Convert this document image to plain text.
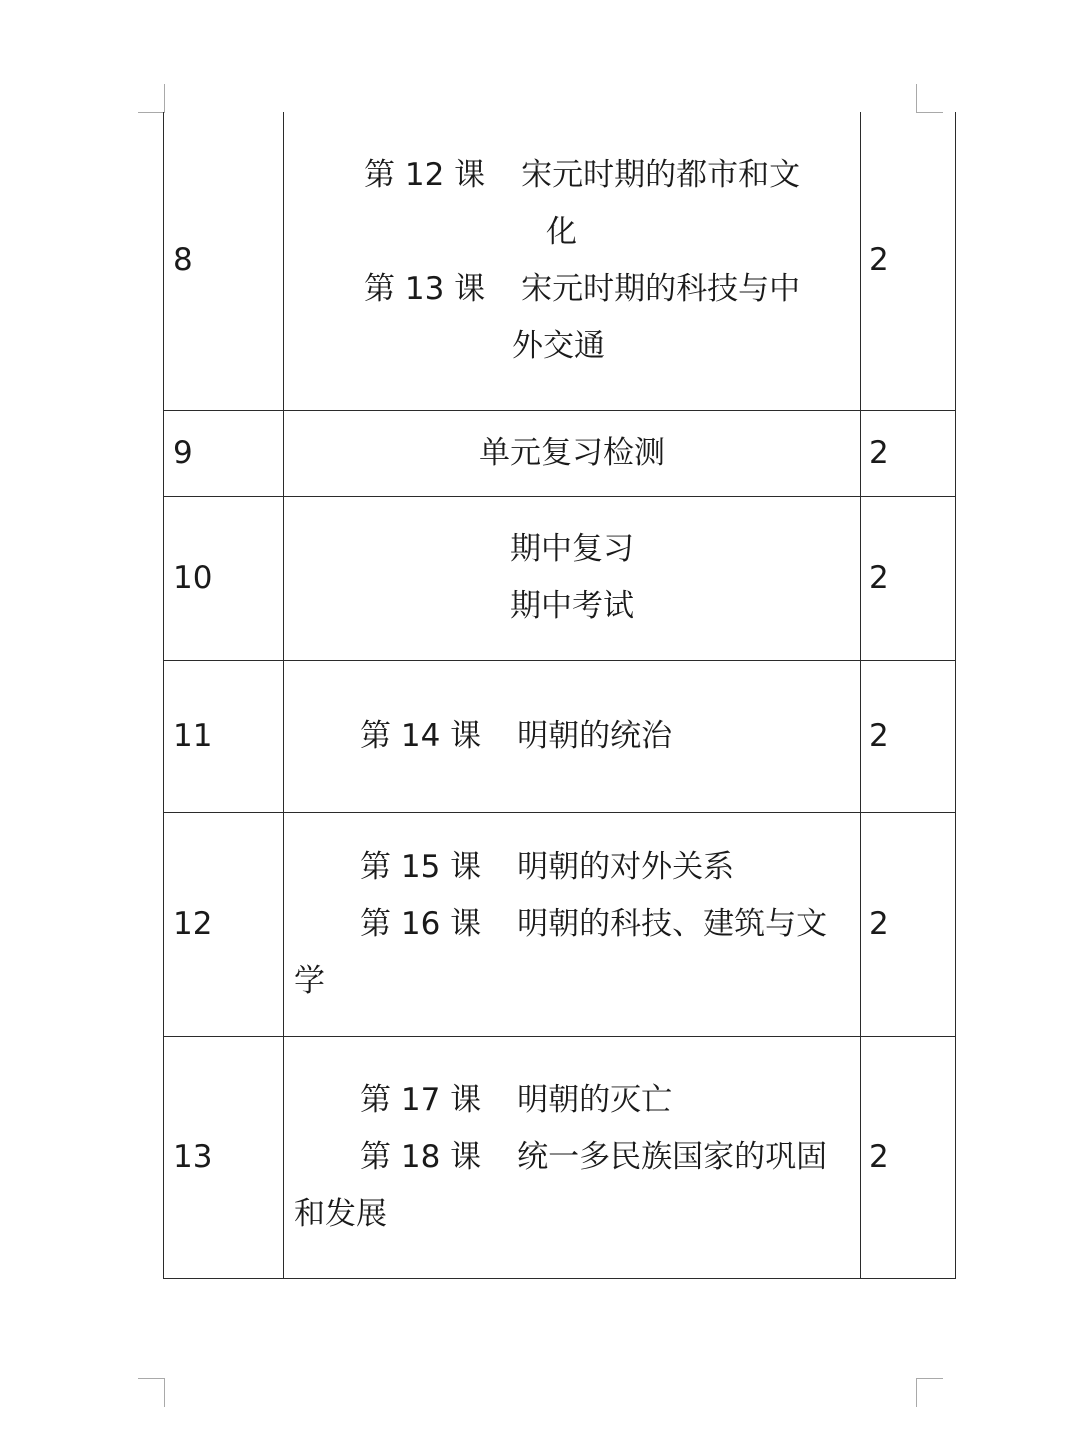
8	第 12 课 宋元时期的都市和文
化
第 13 课 宋元时期的科技与中
外交通	2
9	单元复习检测	2
10	期中复习
期中考试	2
11	第 14 课 明朝的统治	2
12	第 15 课 明朝的对外关系
第 16 课 明朝的科技、建筑与文学	2
13	第 17 课 明朝的灭亡
第 18 课 统一多民族国家的巩固和发展	2
